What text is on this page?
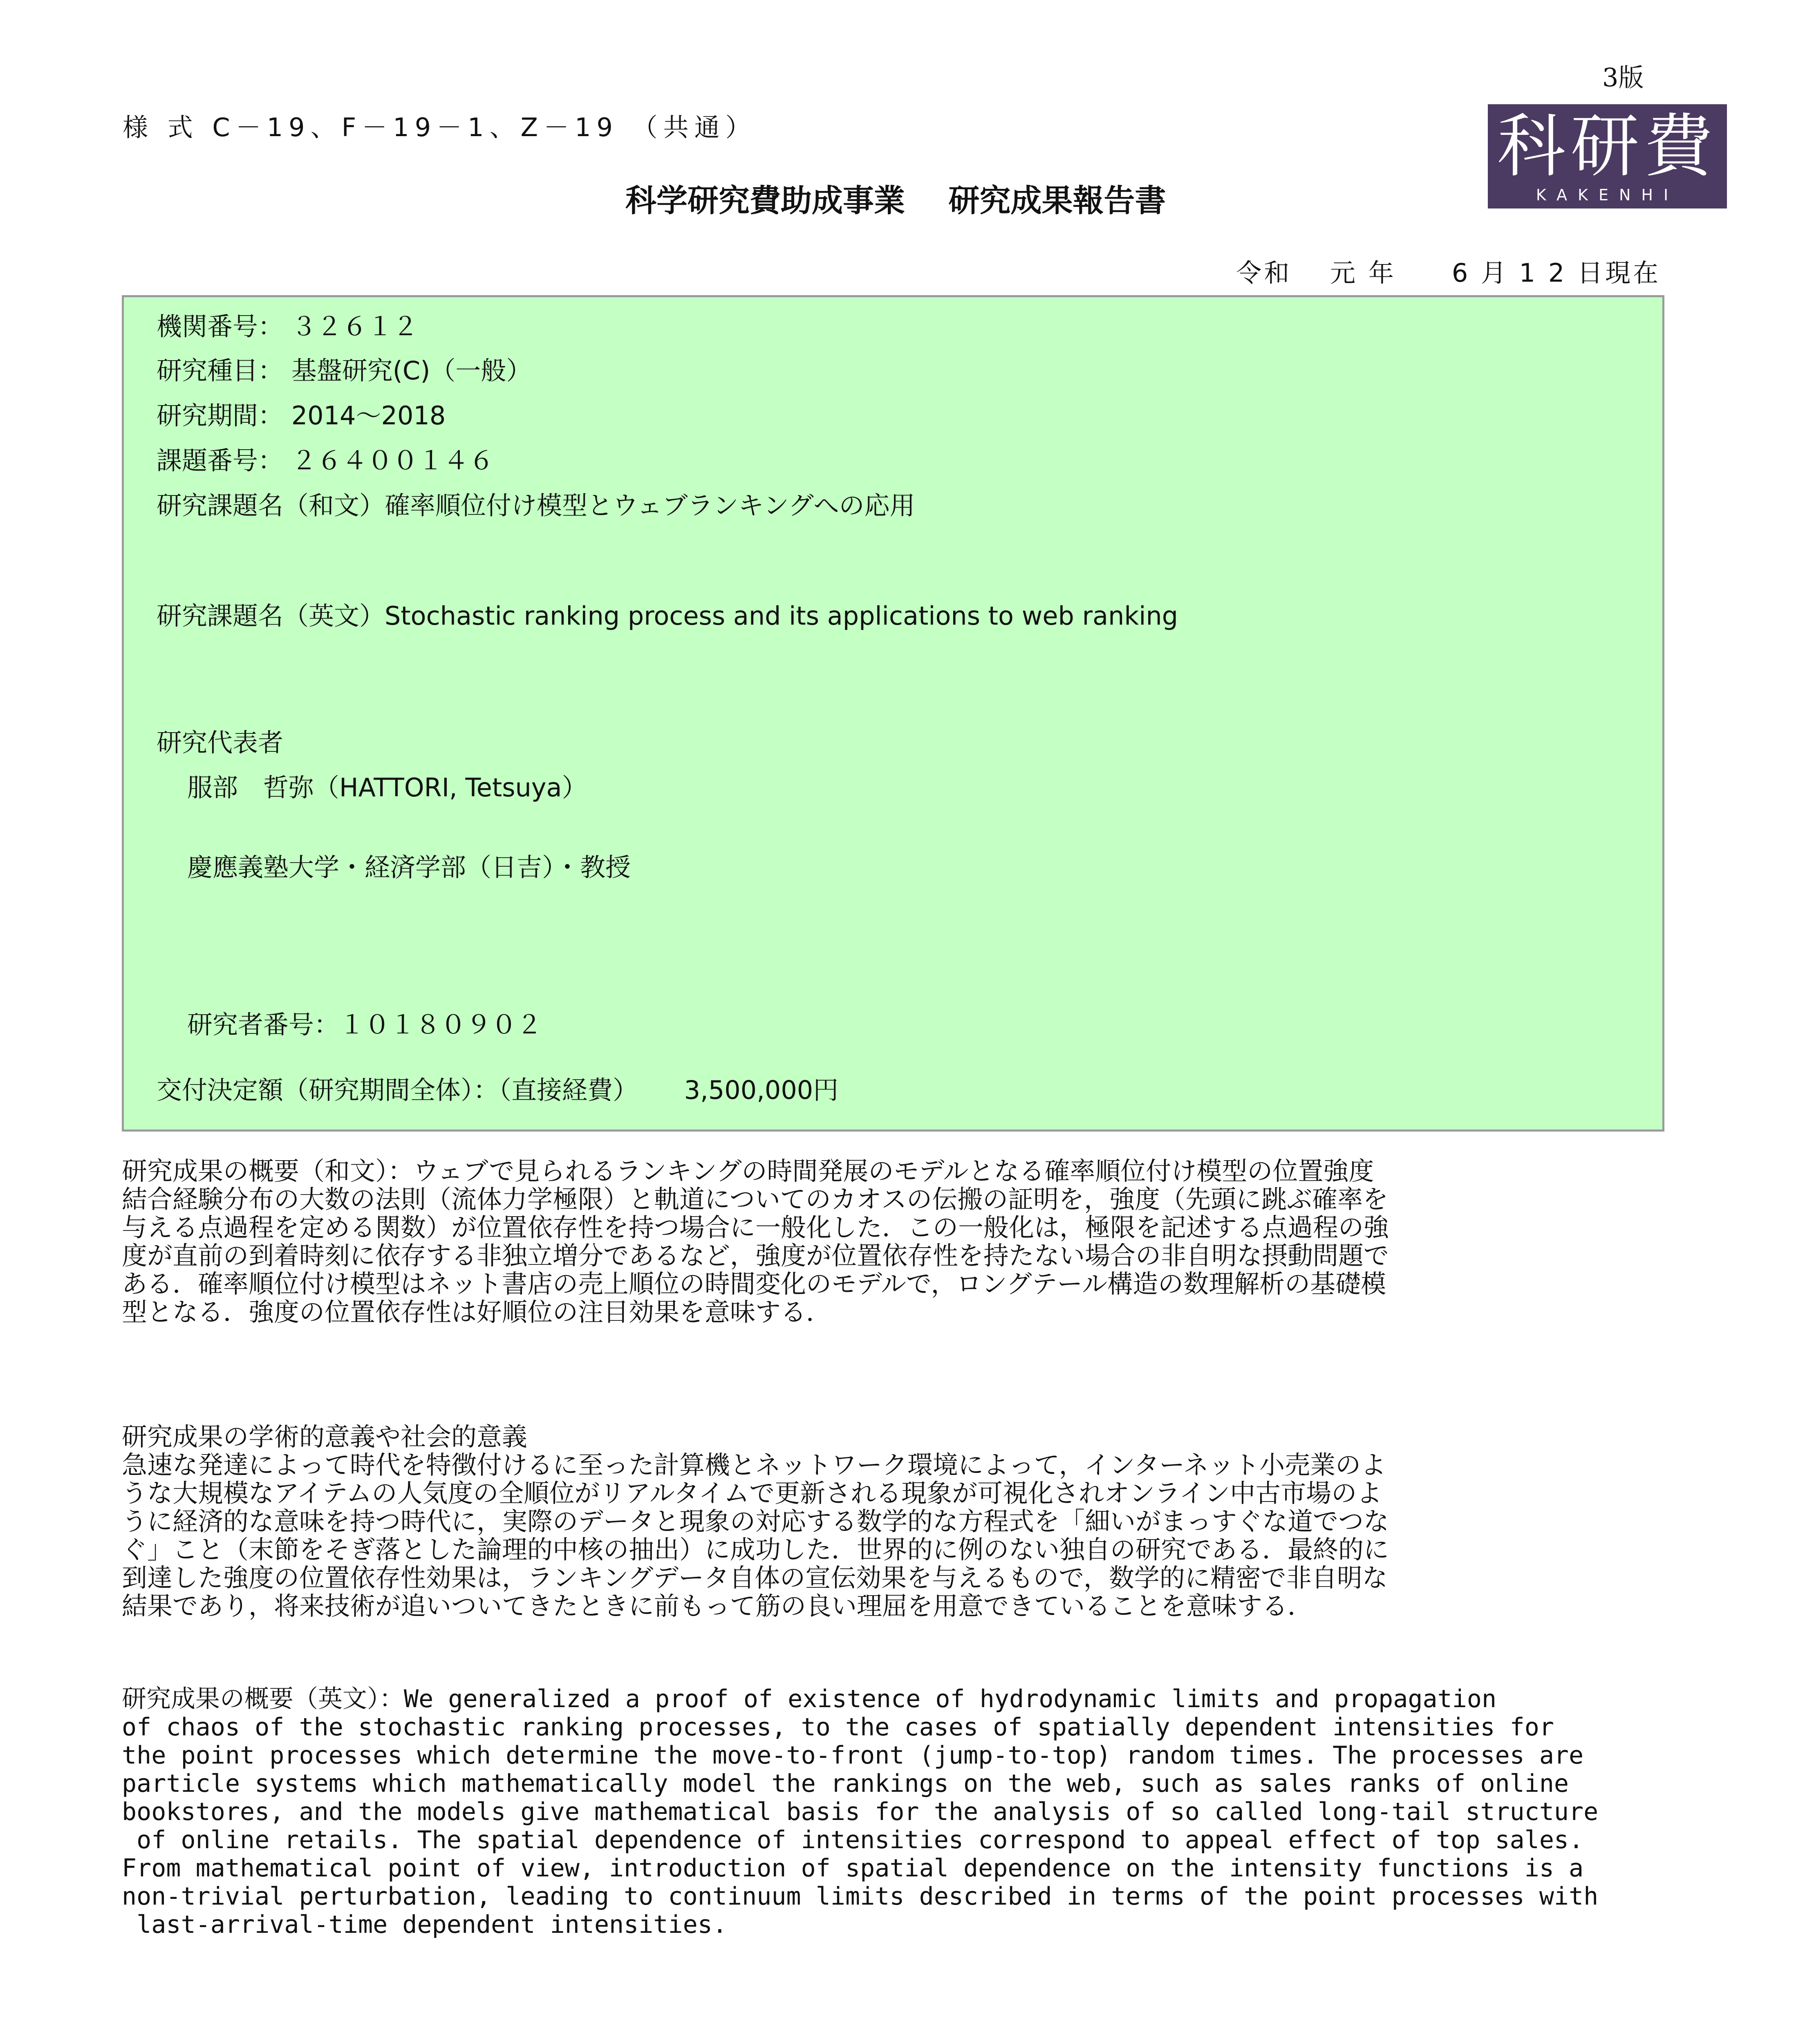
3版
様 式 C－19、F－19－1、Z－19 （共通）	科研費
KAKENHI
科学研究費助成事業 研究成果報告書
令和　 元 年　　6 月 1 2 日現在
機関番号： ３２６１２
研究種目： 基盤研究(C)（一般）
研究期間： 2014～2018
課題番号： ２６４００１４６
研究課題名（和文）確率順位付け模型とウェブランキングへの応用
研究課題名（英文）Stochastic ranking process and its applications to web ranking
研究代表者
服部　哲弥（HATTORI, Tetsuya）
慶應義塾大学・経済学部（日吉）・教授
研究者番号：１０１８０９０２
交付決定額（研究期間全体）：（直接経費）　　 3,500,000円

研究成果の概要（和文）：ウェブで見られるランキングの時間発展のモデルとなる確率順位付け模型の位置強度

結合経験分布の大数の法則（流体力学極限）と軌道についてのカオスの伝搬の証明を，強度（先頭に跳ぶ確率を

与える点過程を定める関数）が位置依存性を持つ場合に一般化した．この一般化は，極限を記述する点過程の強

度が直前の到着時刻に依存する非独立増分であるなど，強度が位置依存性を持たない場合の非自明な摂動問題で

ある．確率順位付け模型はネット書店の売上順位の時間変化のモデルで，ロングテール構造の数理解析の基礎模

型となる．強度の位置依存性は好順位の注目効果を意味する．

研究成果の学術的意義や社会的意義

急速な発達によって時代を特徴付けるに至った計算機とネットワーク環境によって，インターネット小売業のよ

うな大規模なアイテムの人気度の全順位がリアルタイムで更新される現象が可視化されオンライン中古市場のよ

うに経済的な意味を持つ時代に，実際のデータと現象の対応する数学的な方程式を「細いがまっすぐな道でつな

ぐ」こと（末節をそぎ落とした論理的中核の抽出）に成功した．世界的に例のない独自の研究である．最終的に

到達した強度の位置依存性効果は，ランキングデータ自体の宣伝効果を与えるもので，数学的に精密で非自明な

結果であり，将来技術が追いついてきたときに前もって筋の良い理屈を用意できていることを意味する．

研究成果の概要（英文）：We generalized a proof of existence of hydrodynamic limits and propagation

of chaos of the stochastic ranking processes, to the cases of spatially dependent intensities for

the point processes which determine the move-to-front (jump-to-top) random times. The processes are

particle systems which mathematically model the rankings on the web, such as sales ranks of online

bookstores, and the models give mathematical basis for the analysis of so called long-tail structure

of online retails. The spatial dependence of intensities correspond to appeal effect of top sales.

From mathematical point of view, introduction of spatial dependence on the intensity functions is a

non-trivial perturbation, leading to continuum limits described in terms of the point processes with

last-arrival-time dependent intensities.
